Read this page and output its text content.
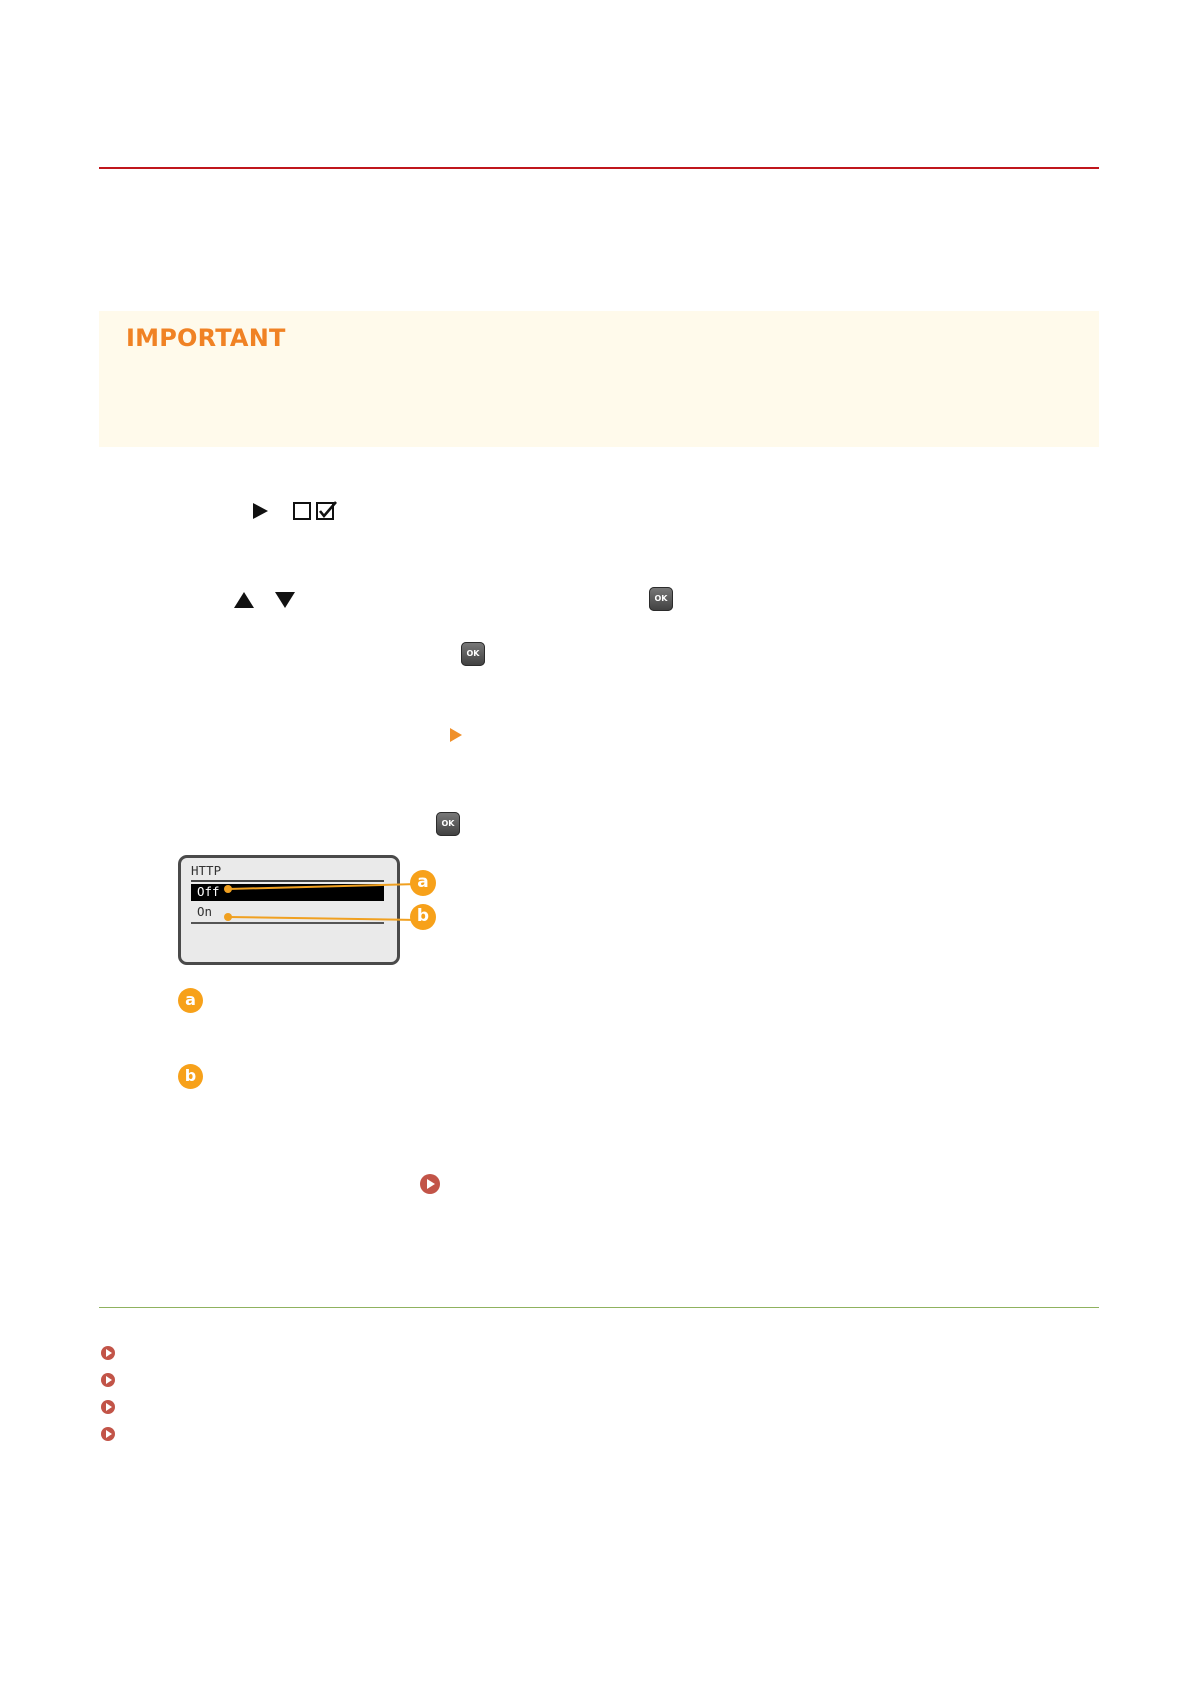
IMPORTANT
OK
OK
OK
HTTP
Off
On
a
b
a
b
